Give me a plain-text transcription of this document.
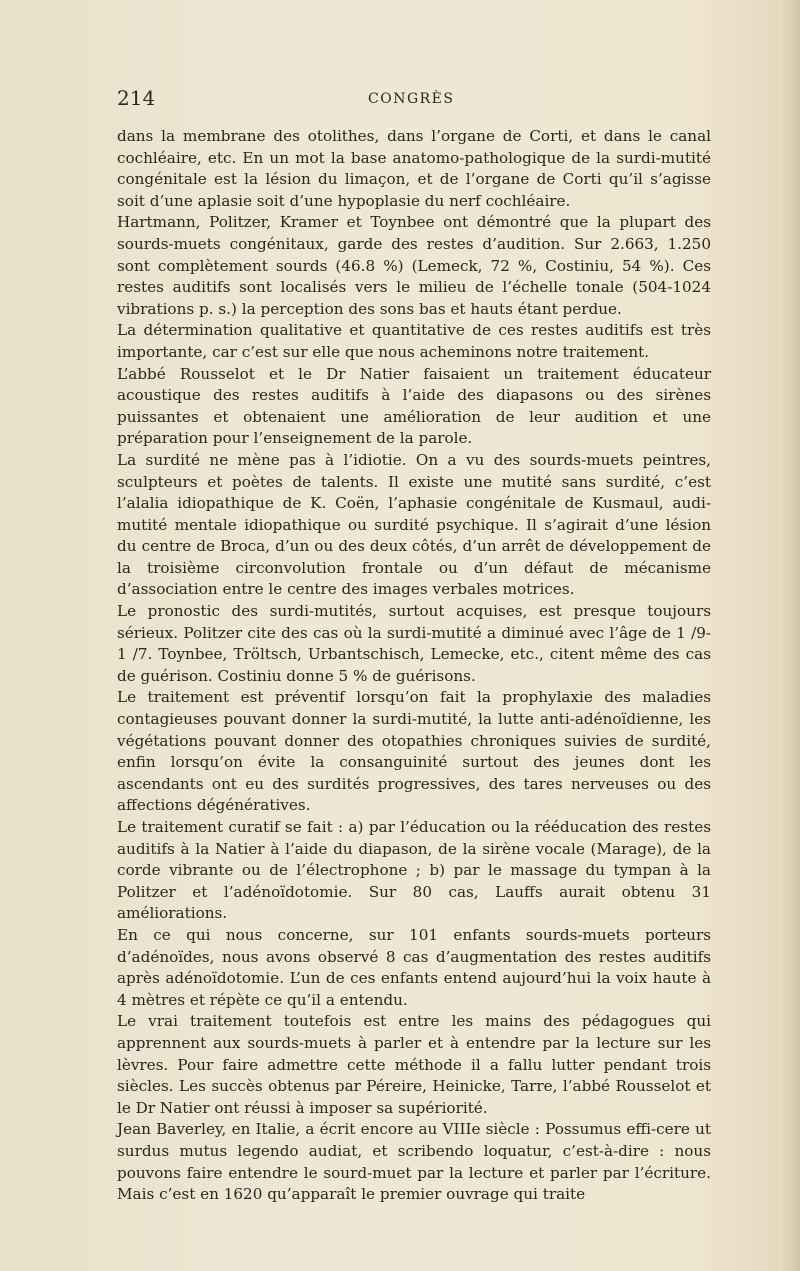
214	CONGRÈS

dans la membrane des otolithes, dans l’organe de Corti, et dans le canal cochléaire, etc. En un mot la base anatomo-pathologique de la surdi-mutité congénitale est la lésion du limaçon, et de l’organe de Corti qu’il s’agisse soit d’une aplasie soit d’une hypoplasie du nerf cochléaire.

Hartmann, Politzer, Kramer et Toynbee ont démontré que la plupart des sourds-muets congénitaux, garde des restes d’audition. Sur 2.663, 1.250 sont complètement sourds (46.8 %) (Lemeck, 72 %, Costiniu, 54 %). Ces restes auditifs sont localisés vers le milieu de l’échelle tonale (504-1024 vibrations p. s.) la perception des sons bas et hauts étant perdue.

La détermination qualitative et quantitative de ces restes auditifs est très importante, car c’est sur elle que nous acheminons notre traitement.

L’abbé Rousselot et le Dr Natier faisaient un traitement éducateur acoustique des restes auditifs à l’aide des diapasons ou des sirènes puissantes et obtenaient une amélioration de leur audition et une préparation pour l’enseignement de la parole.

La surdité ne mène pas à l’idiotie. On a vu des sourds-muets peintres, sculpteurs et poètes de talents. Il existe une mutité sans surdité, c’est l’alalia idiopathique de K. Coën, l’aphasie congénitale de Kusmaul, audi-mutité mentale idiopathique ou surdité psychique. Il s’agirait d’une lésion du centre de Broca, d’un ou des deux côtés, d’un arrêt de développement de la troisième circonvolution frontale ou d’un défaut de mécanisme d’association entre le centre des images verbales motrices.

Le pronostic des surdi-mutités, surtout acquises, est presque toujours sérieux. Politzer cite des cas où la surdi-mutité a diminué avec l’âge de 1 /9-1 /7. Toynbee, Tröltsch, Urbantschisch, Lemecke, etc., citent même des cas de guérison. Costiniu donne 5 % de guérisons.

Le traitement est préventif lorsqu’on fait la prophylaxie des maladies contagieuses pouvant donner la surdi-mutité, la lutte anti-adénoïdienne, les végétations pouvant donner des otopathies chroniques suivies de surdité, enfin lorsqu’on évite la consanguinité surtout des jeunes dont les ascendants ont eu des surdités progressives, des tares nerveuses ou des affections dégénératives.

Le traitement curatif se fait : a) par l’éducation ou la rééducation des restes auditifs à la Natier à l’aide du diapason, de la sirène vocale (Marage), de la corde vibrante ou de l’électrophone ; b) par le massage du tympan à la Politzer et l’adénoïdotomie. Sur 80 cas, Lauffs aurait obtenu 31 améliorations.

En ce qui nous concerne, sur 101 enfants sourds-muets porteurs d’adénoïdes, nous avons observé 8 cas d’augmentation des restes auditifs après adénoïdotomie. L’un de ces enfants entend aujourd’hui la voix haute à 4 mètres et répète ce qu’il a entendu.

Le vrai traitement toutefois est entre les mains des pédagogues qui apprennent aux sourds-muets à parler et à entendre par la lecture sur les lèvres. Pour faire admettre cette méthode il a fallu lutter pendant trois siècles. Les succès obtenus par Péreire, Heinicke, Tarre, l’abbé Rousselot et le Dr Natier ont réussi à imposer sa supériorité.

Jean Baverley, en Italie, a écrit encore au VIIIe siècle : Possumus effi-cere ut surdus mutus legendo audiat, et scribendo loquatur, c’est-à-dire : nous pouvons faire entendre le sourd-muet par la lecture et parler par l’écriture. Mais c’est en 1620 qu’apparaît le premier ouvrage qui traite
